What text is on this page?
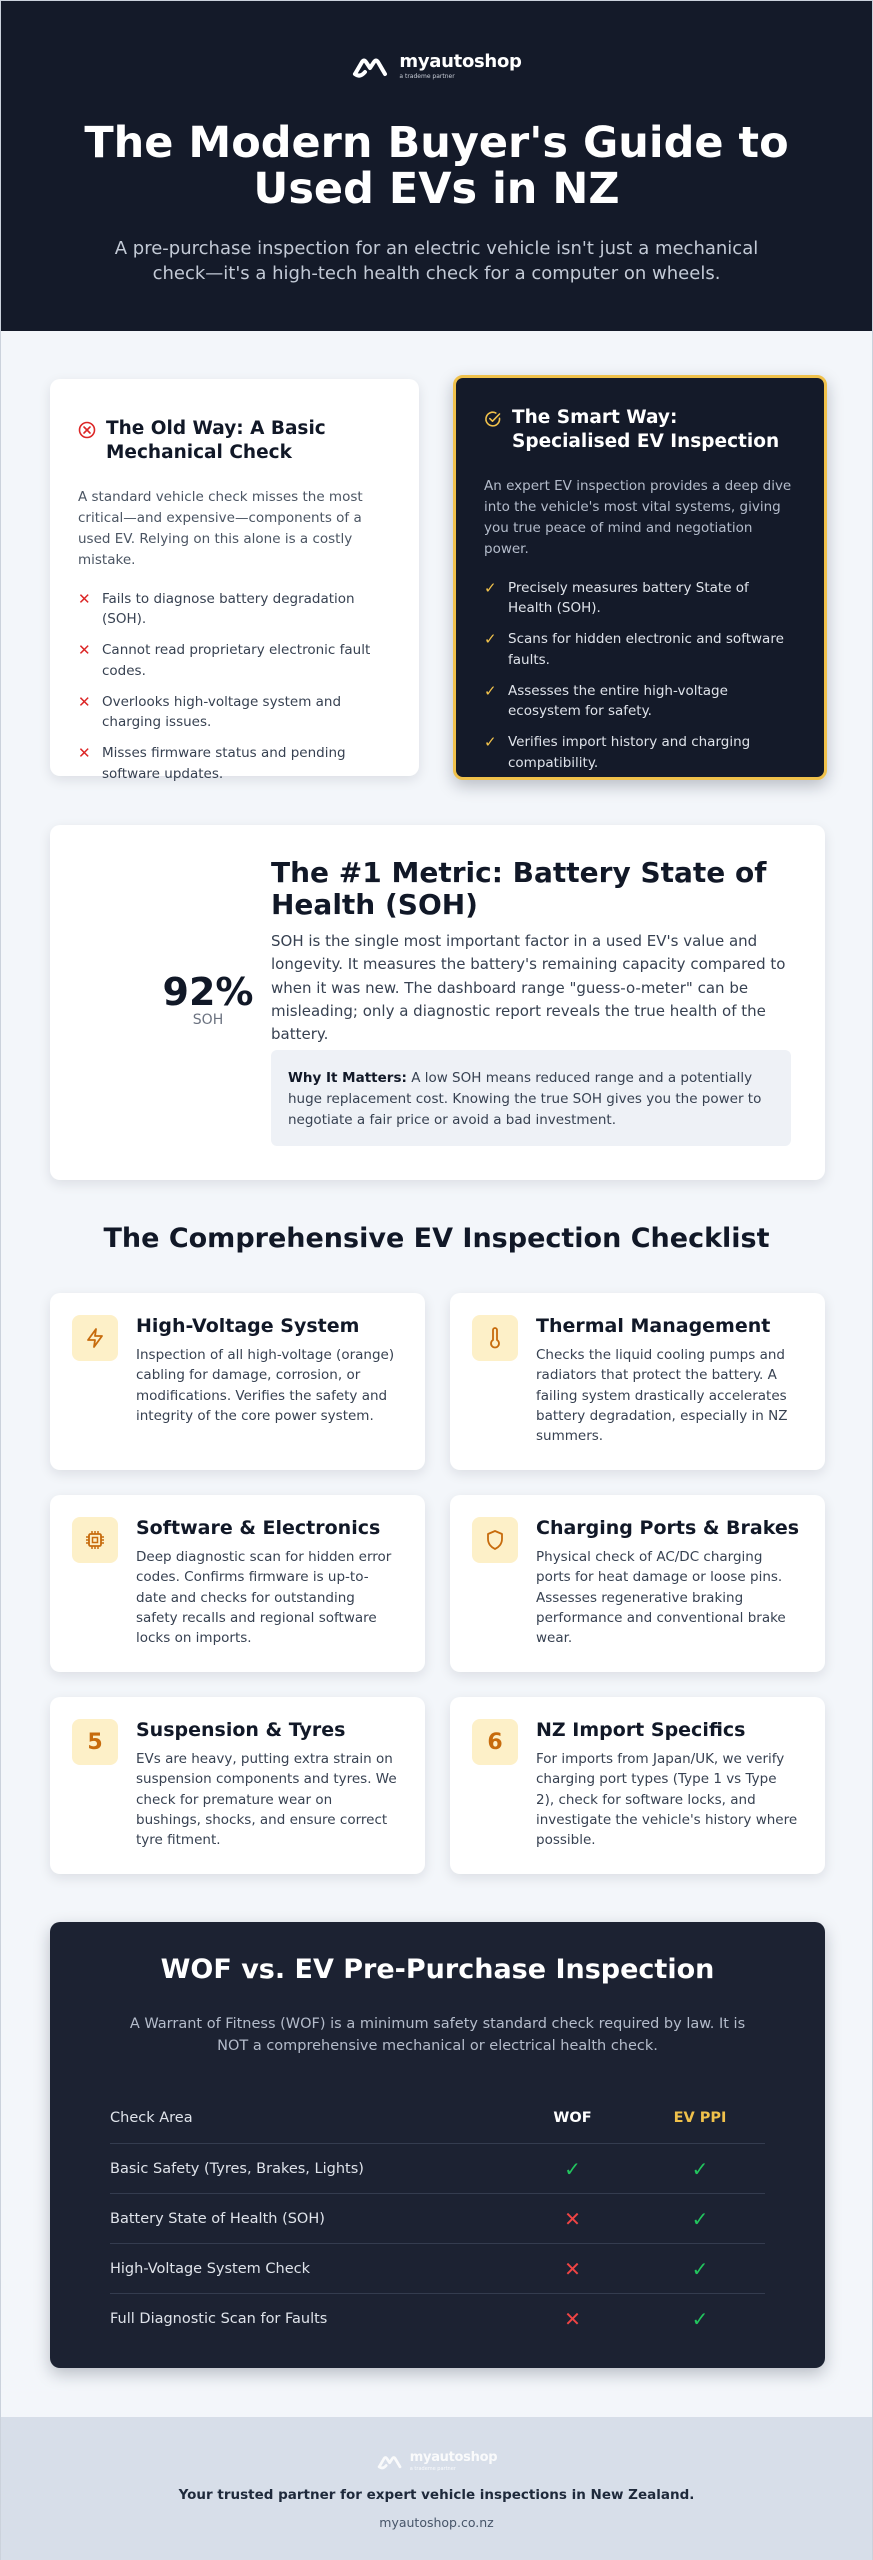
myautoshop
a trademe partner
The Modern Buyer's Guide to Used EVs in NZ

A pre-purchase inspection for an electric vehicle isn't just a mechanical check—it's a high-tech health check for a computer on wheels.

The Old Way: A Basic Mechanical Check

A standard vehicle check misses the most critical—and expensive—components of a used EV. Relying on this alone is a costly mistake.

✕ Fails to diagnose battery degradation (SOH).
✕ Cannot read proprietary electronic fault codes.
✕ Overlooks high-voltage system and charging issues.
✕ Misses firmware status and pending software updates.
The Smart Way: Specialised EV Inspection

An expert EV inspection provides a deep dive into the vehicle's most vital systems, giving you true peace of mind and negotiation power.

✓ Precisely measures battery State of Health (SOH).
✓ Scans for hidden electronic and software faults.
✓ Assesses the entire high-voltage ecosystem for safety.
✓ Verifies import history and charging compatibility.
92%
SOH
The #1 Metric: Battery State of Health (SOH)

SOH is the single most important factor in a used EV's value and longevity. It measures the battery's remaining capacity compared to when it was new. The dashboard range "guess-o-meter" can be misleading; only a diagnostic report reveals the true health of the battery.

Why It Matters: A low SOH means reduced range and a potentially huge replacement cost. Knowing the true SOH gives you the power to negotiate a fair price or avoid a bad investment.
The Comprehensive EV Inspection Checklist
High-Voltage System

Inspection of all high-voltage (orange) cabling for damage, corrosion, or modifications. Verifies the safety and integrity of the core power system.

Thermal Management

Checks the liquid cooling pumps and radiators that protect the battery. A failing system drastically accelerates battery degradation, especially in NZ summers.

Software & Electronics

Deep diagnostic scan for hidden error codes. Confirms firmware is up-to-date and checks for outstanding safety recalls and regional software locks on imports.

Charging Ports & Brakes

Physical check of AC/DC charging ports for heat damage or loose pins. Assesses regenerative braking performance and conventional brake wear.

5	Suspension & Tyres

EVs are heavy, putting extra strain on suspension components and tyres. We check for premature wear on bushings, shocks, and ensure correct tyre fitment.

6	NZ Import Specifics

For imports from Japan/UK, we verify charging port types (Type 1 vs Type 2), check for software locks, and investigate the vehicle's history where possible.

WOF vs. EV Pre-Purchase Inspection

A Warrant of Fitness (WOF) is a minimum safety standard check required by law. It is NOT a comprehensive mechanical or electrical health check.

Check Area	WOF	EV PPI
Basic Safety (Tyres, Brakes, Lights)	✓	✓
Battery State of Health (SOH)	✕	✓
High-Voltage System Check	✕	✓
Full Diagnostic Scan for Faults	✕	✓
myautoshop
a trademe partner

Your trusted partner for expert vehicle inspections in New Zealand.

myautoshop.co.nz
